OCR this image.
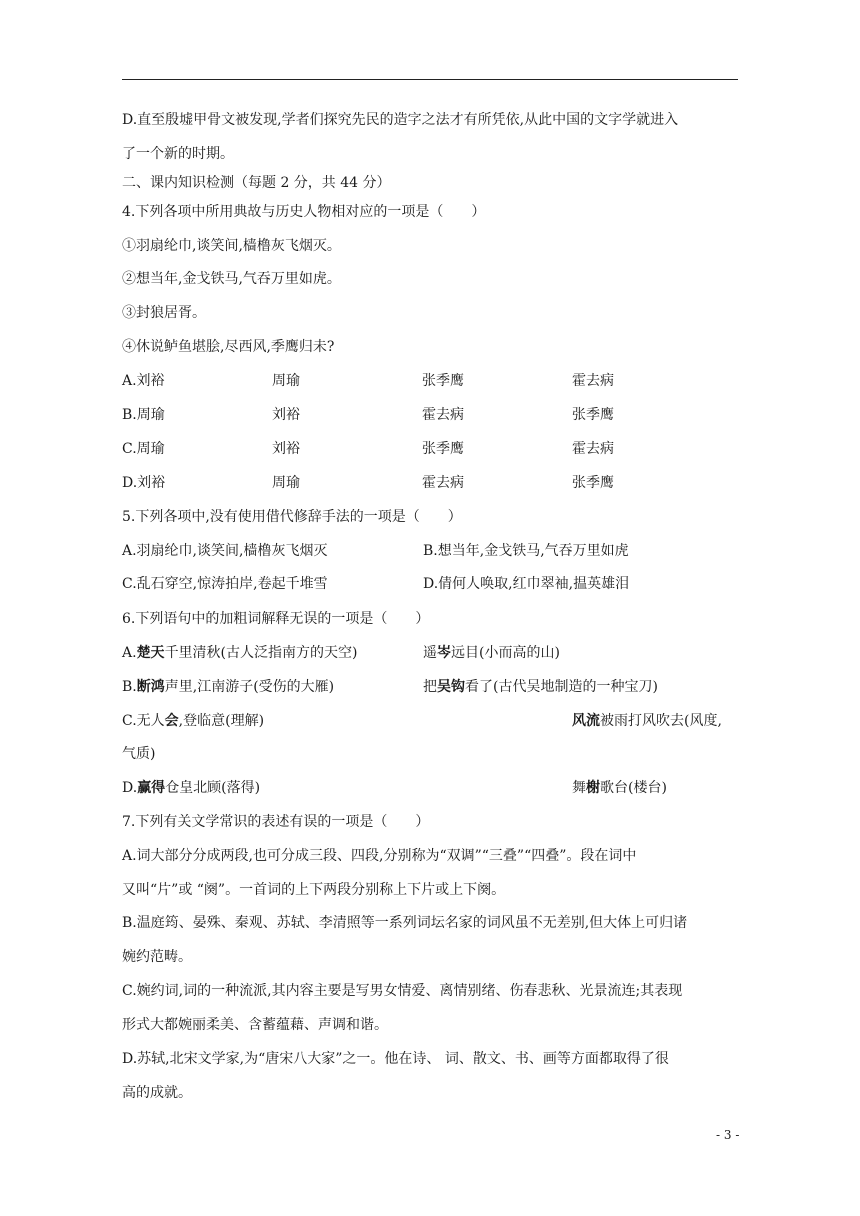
D.直至殷墟甲骨文被发现,学者们探究先民的造字之法才有所凭依,从此中国的文字学就进入
了一个新的时期。
二、课内知识检测（每题 2 分，共 44 分）
4.下列各项中所用典故与历史人物相对应的一项是（　　）
①羽扇纶巾,谈笑间,樯橹灰飞烟灭。
②想当年,金戈铁马,气吞万里如虎。
③封狼居胥。
④休说鲈鱼堪脍,尽西风,季鹰归未?
A.刘裕	周瑜	张季鹰	霍去病
B.周瑜	刘裕	霍去病	张季鹰
C.周瑜	刘裕	张季鹰	霍去病
D.刘裕	周瑜	霍去病	张季鹰
5.下列各项中,没有使用借代修辞手法的一项是（　　）
A.羽扇纶巾,谈笑间,樯橹灰飞烟灭	B.想当年,金戈铁马,气吞万里如虎
C.乱石穿空,惊涛拍岸,卷起千堆雪	D.倩何人唤取,红巾翠袖,揾英雄泪
6.下列语句中的加粗词解释无误的一项是（　　）
A.楚天千里清秋(古人泛指南方的天空)	遥岑远目(小而高的山)
B.断鸿声里,江南游子(受伤的大雁)	把吴钩看了(古代吴地制造的一种宝刀)
C.无人会,登临意(理解)	风流被雨打风吹去(风度,
气质)
D.赢得仓皇北顾(落得)	舞榭歌台(楼台)
7.下列有关文学常识的表述有误的一项是（　　）
A.词大部分分成两段,也可分成三段、四段,分别称为“双调”“三叠”“四叠”。段在词中
又叫“片”或 “阕”。一首词的上下两段分别称上下片或上下阕。
B.温庭筠、晏殊、秦观、苏轼、李清照等一系列词坛名家的词风虽不无差别,但大体上可归诸
婉约范畴。
C.婉约词,词的一种流派,其内容主要是写男女情爱、离情别绪、伤春悲秋、光景流连;其表现
形式大都婉丽柔美、含蓄蕴藉、声调和谐。
D.苏轼,北宋文学家,为“唐宋八大家”之一。他在诗、 词、散文、书、画等方面都取得了很
高的成就。
- 3 -
